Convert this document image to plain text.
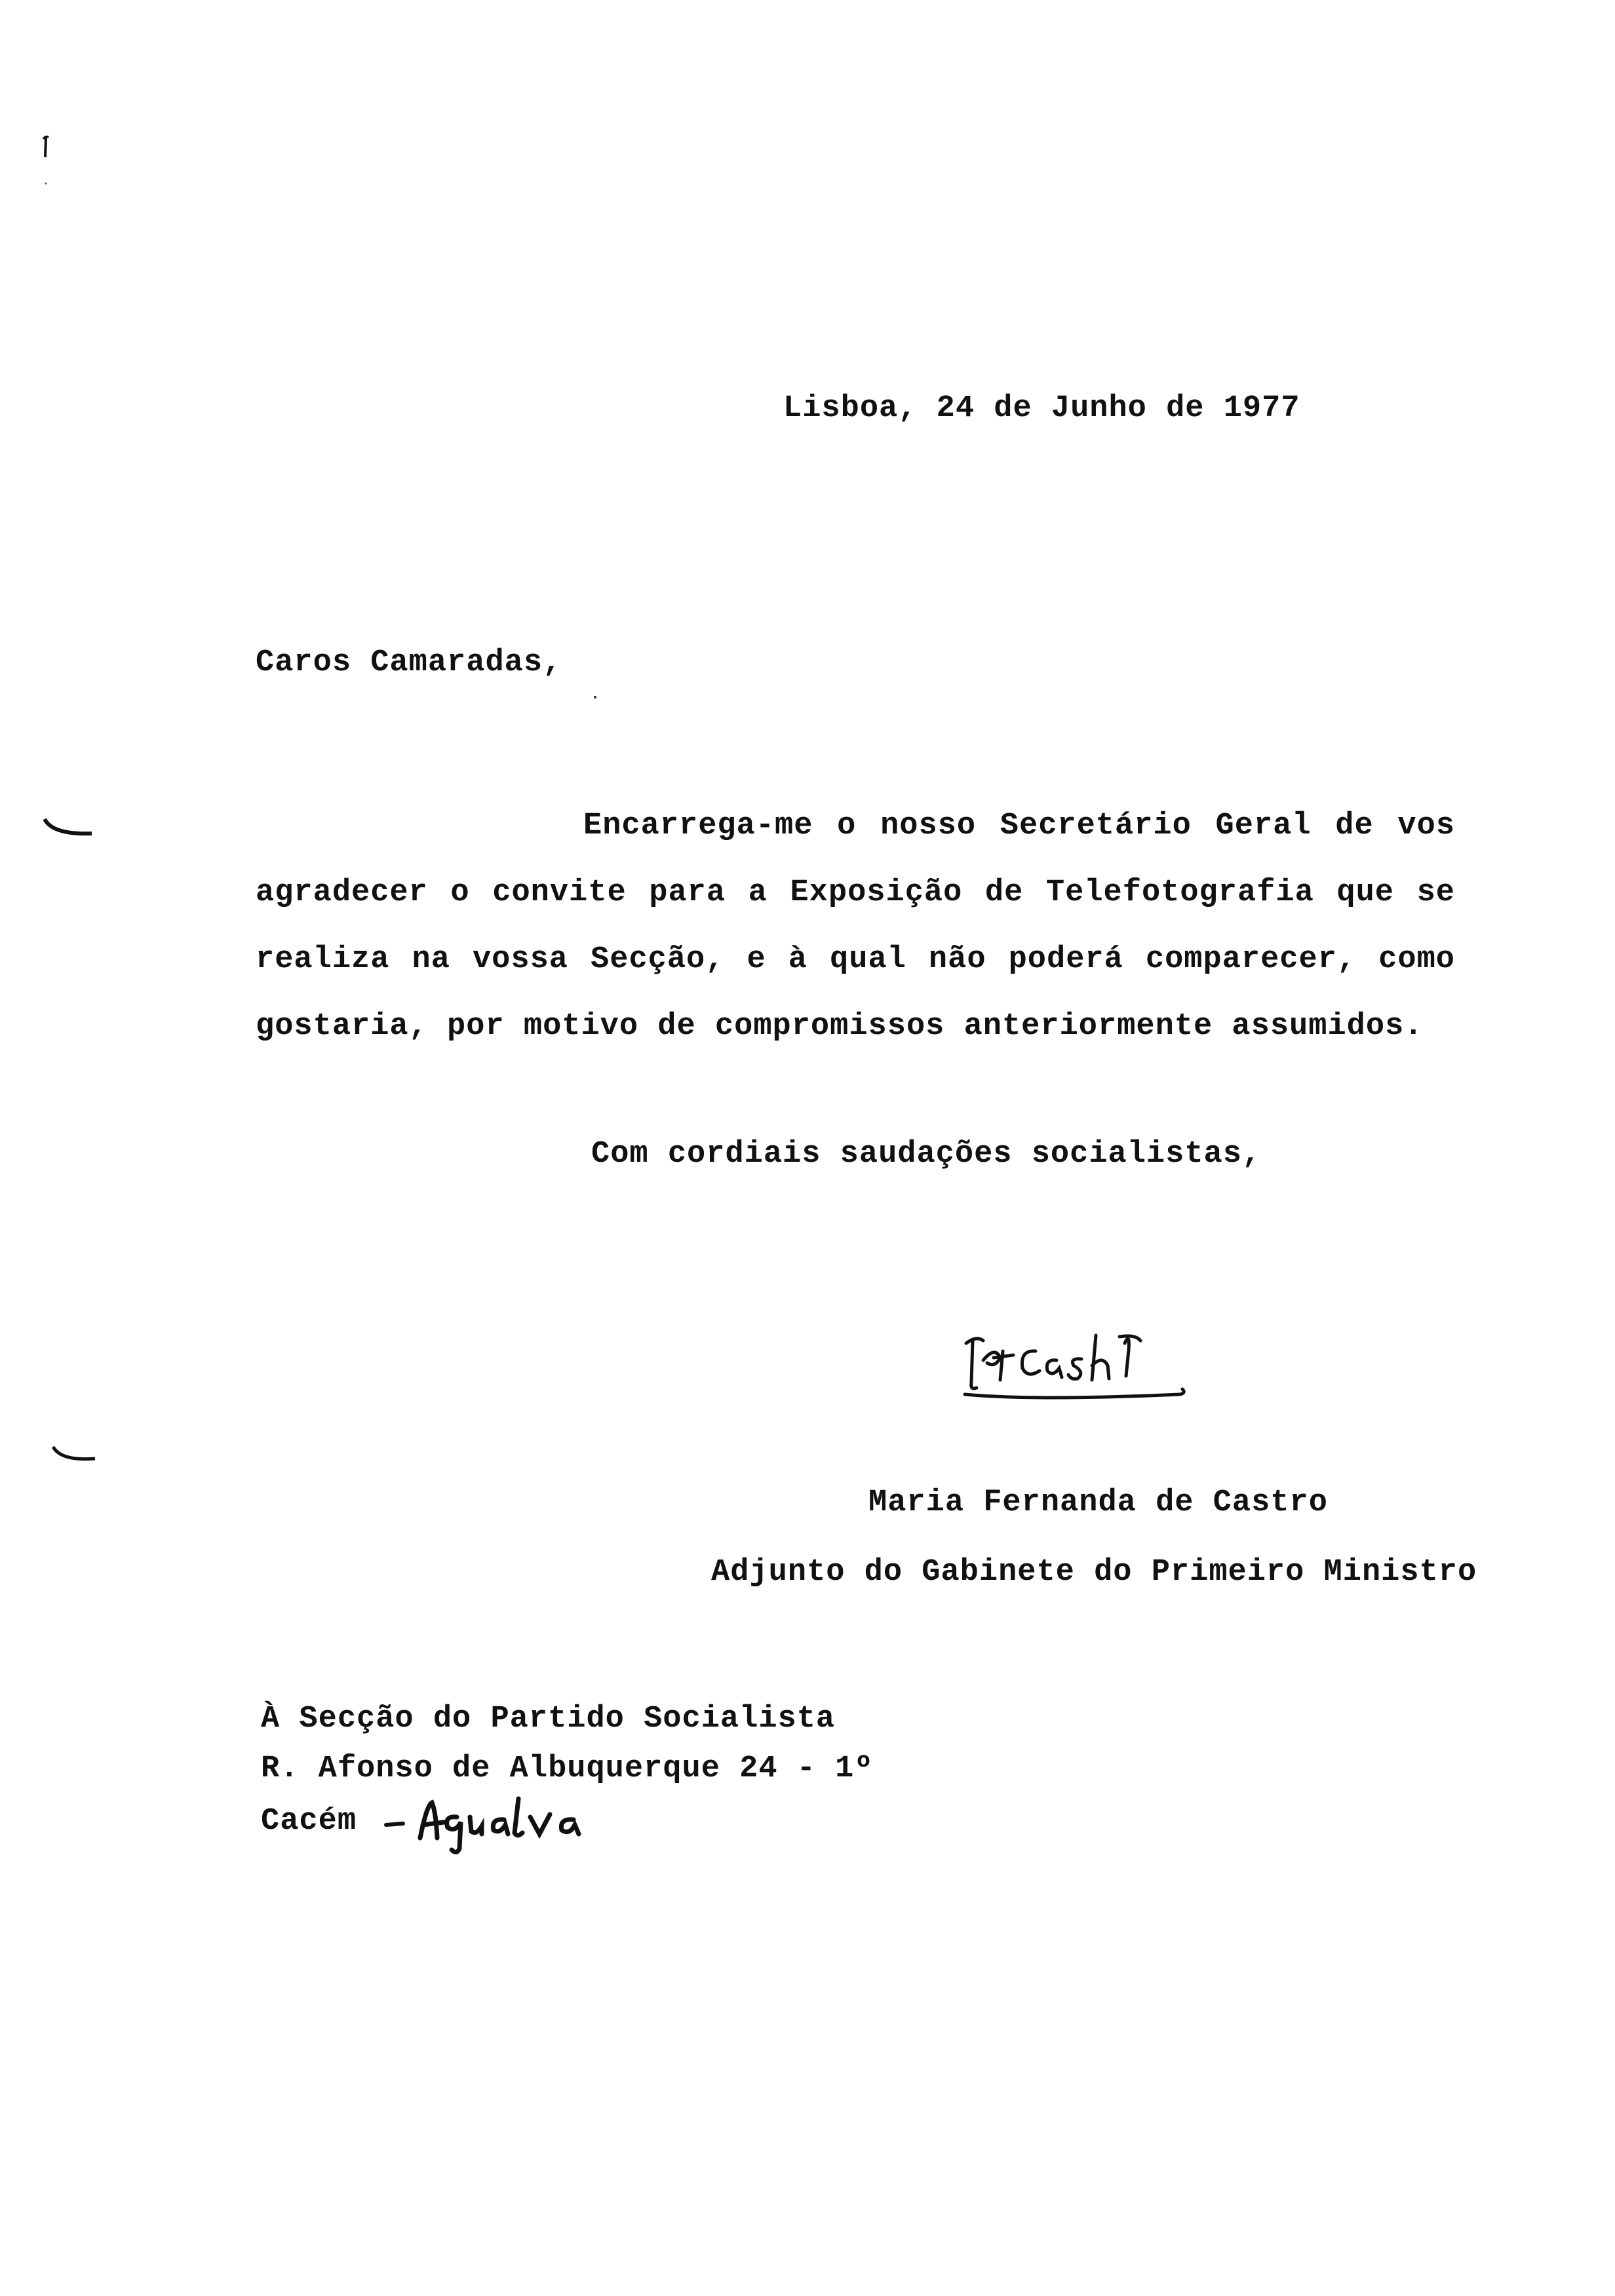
Lisboa, 24 de Junho de 1977
Caros Camaradas,
Encarrega-me o nosso Secretário Geral de vos agradecer o convite para a Exposição de Telefotografia que se realiza na vossa Secção, e à qual não poderá comparecer, como gostaria, por motivo de compromissos anteriormente assumidos.
Com cordiais saudações socialistas,
Maria Fernanda de Castro
Adjunto do Gabinete do Primeiro Ministro
À Secção do Partido Socialista
R. Afonso de Albuquerque 24 - 1º
Cacém
